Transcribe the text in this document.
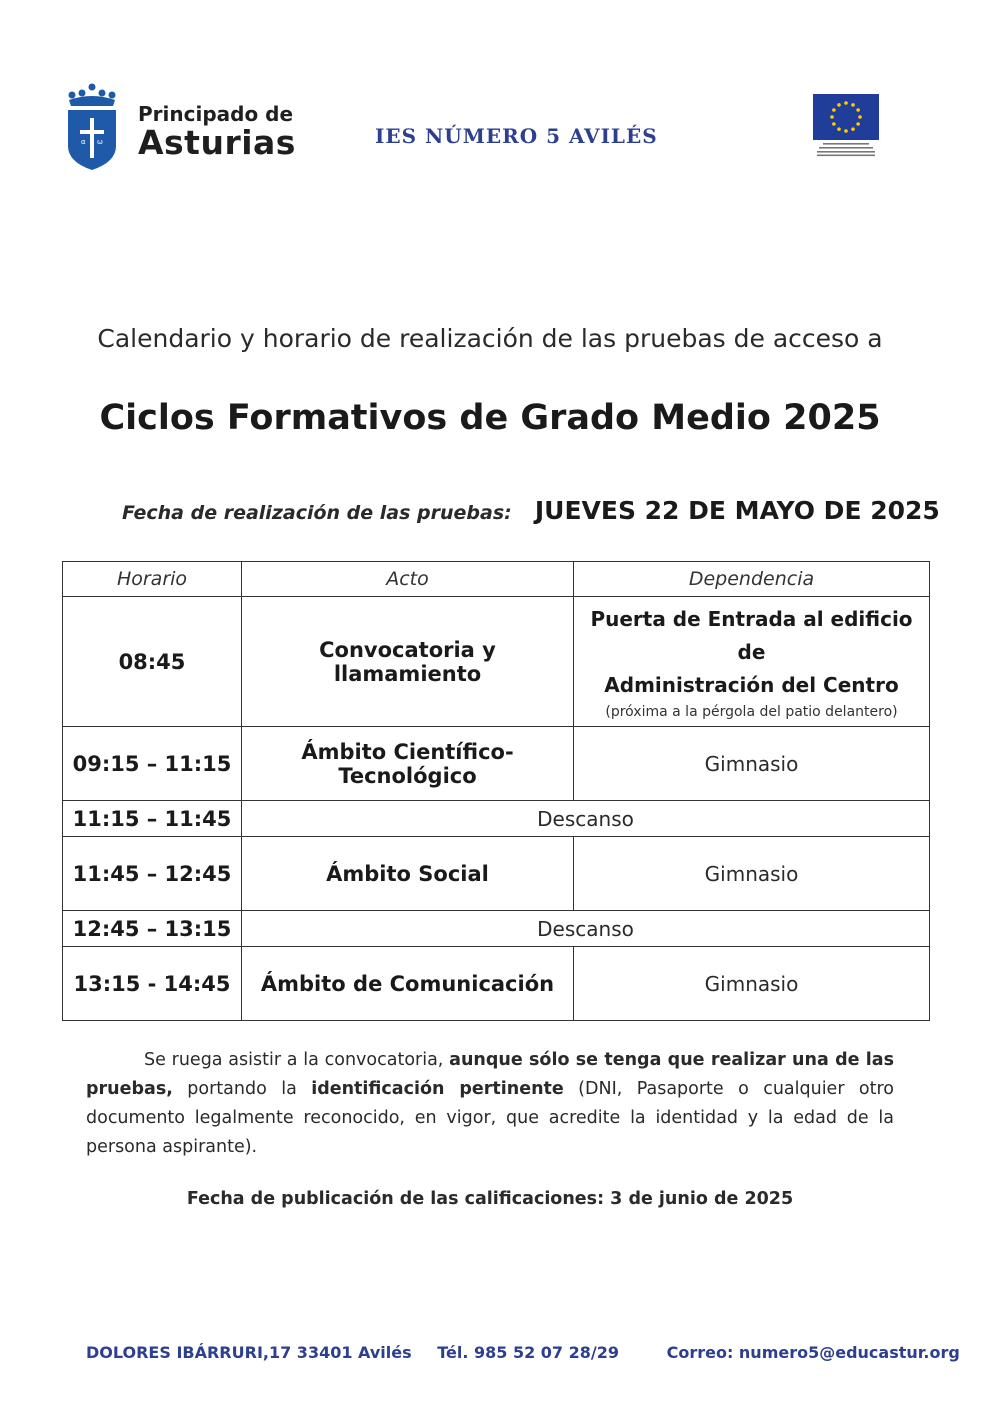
α ω
Principado de
Asturias	IES NÚMERO 5 AVILÉS
Calendario y horario de realización de las pruebas de acceso a
Ciclos Formativos de Grado Medio 2025
Fecha de realización de las pruebas: JUEVES 22 DE MAYO DE 2025
Horario	Acto	Dependencia
08:45	Convocatoria y llamamiento	Puerta de Entrada al edificio de
Administración del Centro
(próxima a la pérgola del patio delantero)

09:15 – 11:15	Ámbito Científico-Tecnológico	Gimnasio
11:15 – 11:45	Descanso	
11:45 – 12:45	Ámbito Social	Gimnasio
12:45 – 13:15	Descanso	
13:15 - 14:45	Ámbito de Comunicación	Gimnasio
Se ruega asistir a la convocatoria, aunque sólo se tenga que realizar una de las pruebas, portando la identificación pertinente (DNI, Pasaporte o cualquier otro documento legalmente reconocido, en vigor, que acredite la identidad y la edad de la persona aspirante).
Fecha de publicación de las calificaciones: 3 de junio de 2025
DOLORES IBÁRRURI,17 33401 Avilés Tél. 985 52 07 28/29	Correo: numero5@educastur.org
